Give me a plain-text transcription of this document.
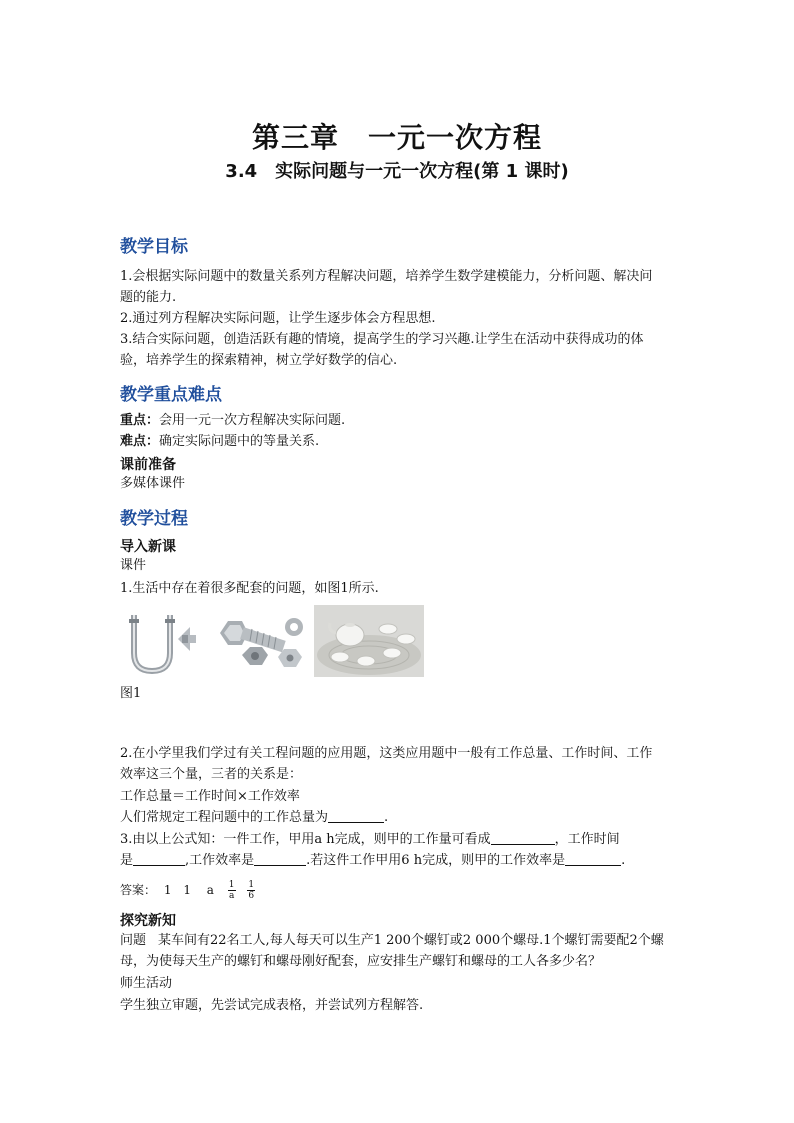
第三章　一元一次方程
3.4　实际问题与一元一次方程(第 1 课时)
教学目标
1.会根据实际问题中的数量关系列方程解决问题，培养学生数学建模能力，分析问题、解决问
题的能力.
2.通过列方程解决实际问题，让学生逐步体会方程思想.
3.结合实际问题，创造活跃有趣的情境，提高学生的学习兴趣.让学生在活动中获得成功的体
验，培养学生的探索精神，树立学好数学的信心.
教学重点难点
重点：会用一元一次方程解决实际问题.
难点：确定实际问题中的等量关系.
课前准备
多媒体课件
教学过程
导入新课
课件
1.生活中存在着很多配套的问题，如图1所示.
图1
2.在小学里我们学过有关工程问题的应用题，这类应用题中一般有工作总量、工作时间、工作
效率这三个量，三者的关系是：
工作总量＝工作时间×工作效率
人们常规定工程问题中的工作总量为	.
3.由以上公式知：一件工作，甲用a h完成，则甲的工作量可看成	，工作时间
是	,工作效率是	.若这件工作甲用6 h完成，则甲的工作效率是	.
答案： 1 1 a $\frac{1}{a} \frac{1}{6}$
探究新知
问题 某车间有22名工人,每人每天可以生产1 200个螺钉或2 000个螺母.1个螺钉需要配2个螺
母，为使每天生产的螺钉和螺母刚好配套，应安排生产螺钉和螺母的工人各多少名？
师生活动
学生独立审题，先尝试完成表格，并尝试列方程解答.
